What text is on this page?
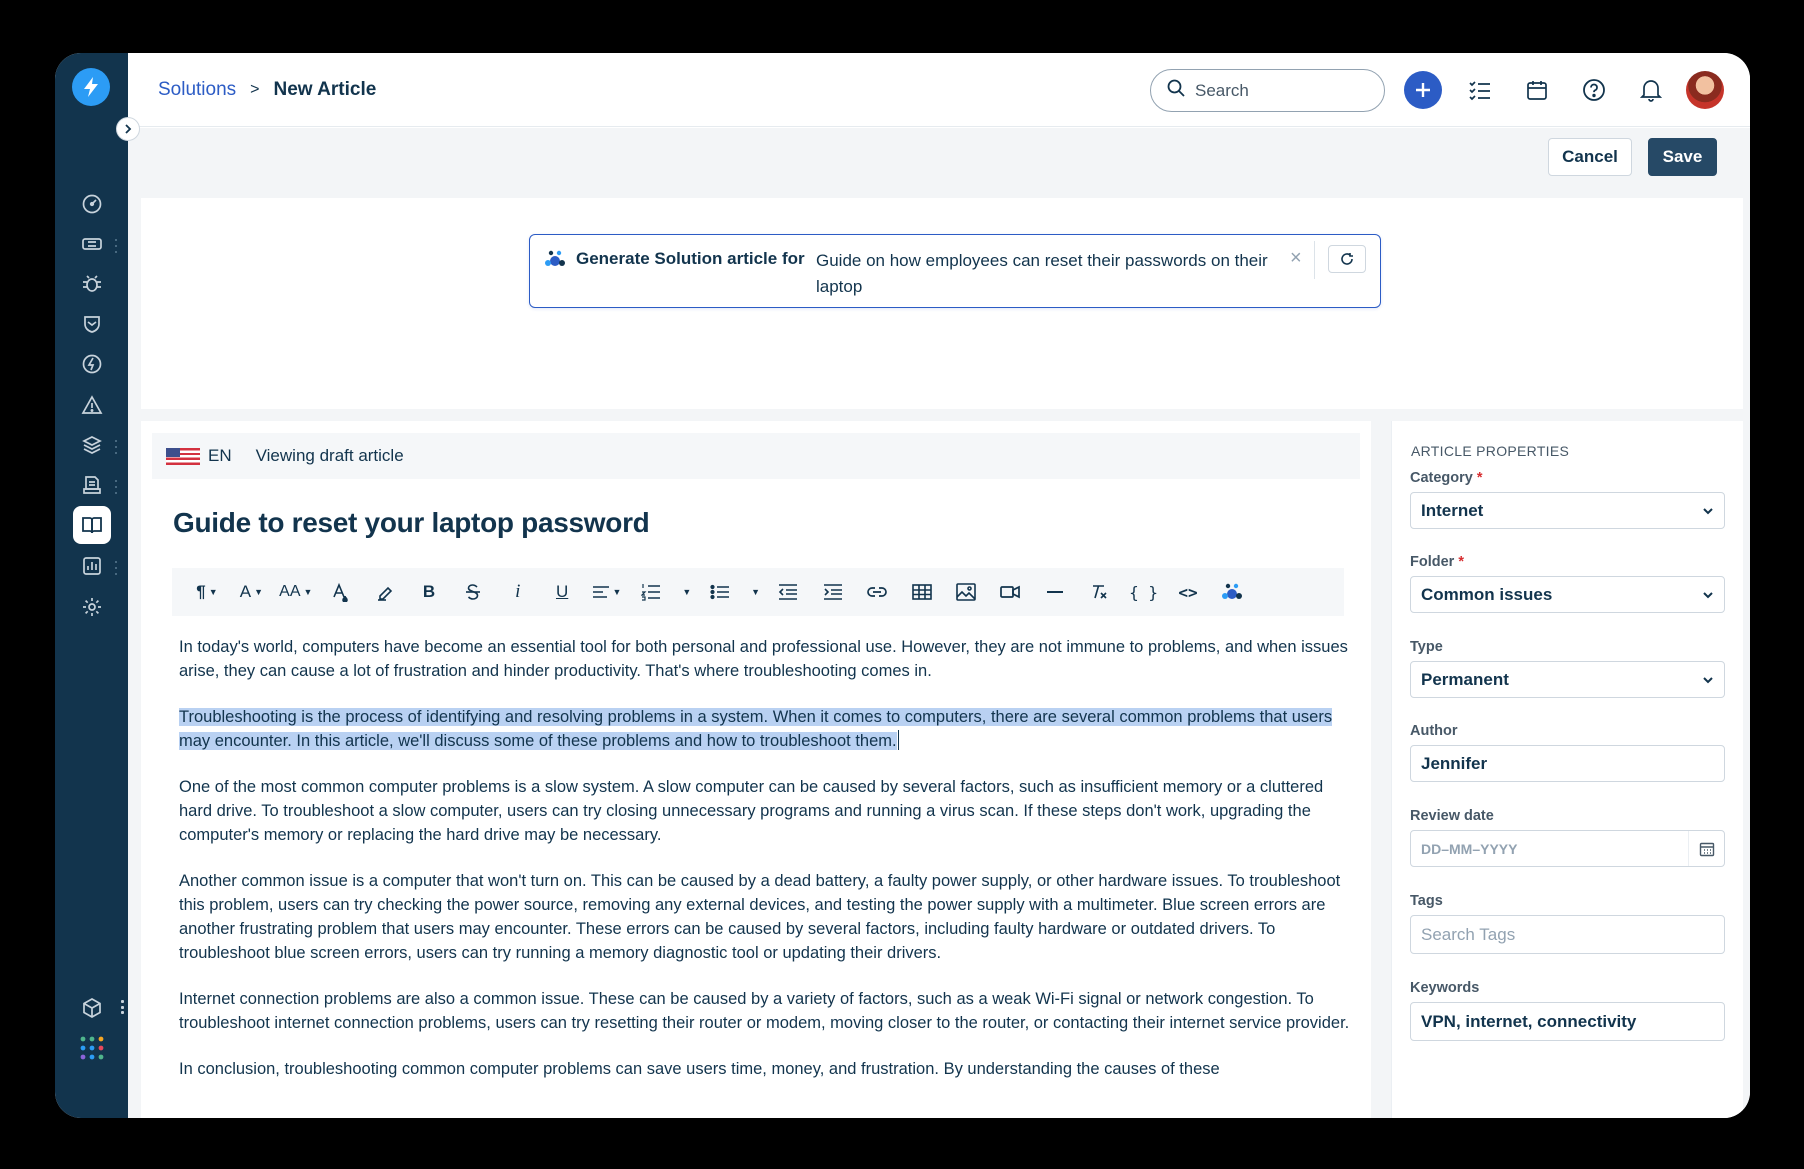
Solutions > New Article
Search
Cancel	Save
Generate Solution article for Guide on how employees can reset their passwords on their laptop
×
EN Viewing draft article
Guide to reset your laptop password
¶ ▼ A ▼ AA ▼	B	i	U	▼	▼	▼	{ }	<>

In today's world, computers have become an essential tool for both personal and professional use. However, they are not immune to problems, and when issues arise, they can cause a lot of frustration and hinder productivity. That's where troubleshooting comes in.

Troubleshooting is the process of identifying and resolving problems in a system. When it comes to computers, there are several common problems that users may encounter. In this article, we'll discuss some of these problems and how to troubleshoot them.

One of the most common computer problems is a slow system. A slow computer can be caused by several factors, such as insufficient memory or a cluttered hard drive. To troubleshoot a slow computer, users can try closing unnecessary programs and running a virus scan. If these steps don't work, upgrading the computer's memory or replacing the hard drive may be necessary.

Another common issue is a computer that won't turn on. This can be caused by a dead battery, a faulty power supply, or other hardware issues. To troubleshoot this problem, users can try checking the power source, removing any external devices, and testing the power supply with a multimeter. Blue screen errors are another frustrating problem that users may encounter. These errors can be caused by several factors, including faulty hardware or outdated drivers. To troubleshoot blue screen errors, users can try running a memory diagnostic tool or updating their drivers.

Internet connection problems are also a common issue. These can be caused by a variety of factors, such as a weak Wi-Fi signal or network congestion. To troubleshoot internet connection problems, users can try resetting their router or modem, moving closer to the router, or contacting their internet service provider.

In conclusion, troubleshooting common computer problems can save users time, money, and frustration. By understanding the causes of these

ARTICLE PROPERTIES
Category *
Internet
Folder *
Common issues
Type
Permanent
Author
Jennifer
Review date
DD–MM–YYYY
Tags
Search Tags
Keywords
VPN, internet, connectivity
